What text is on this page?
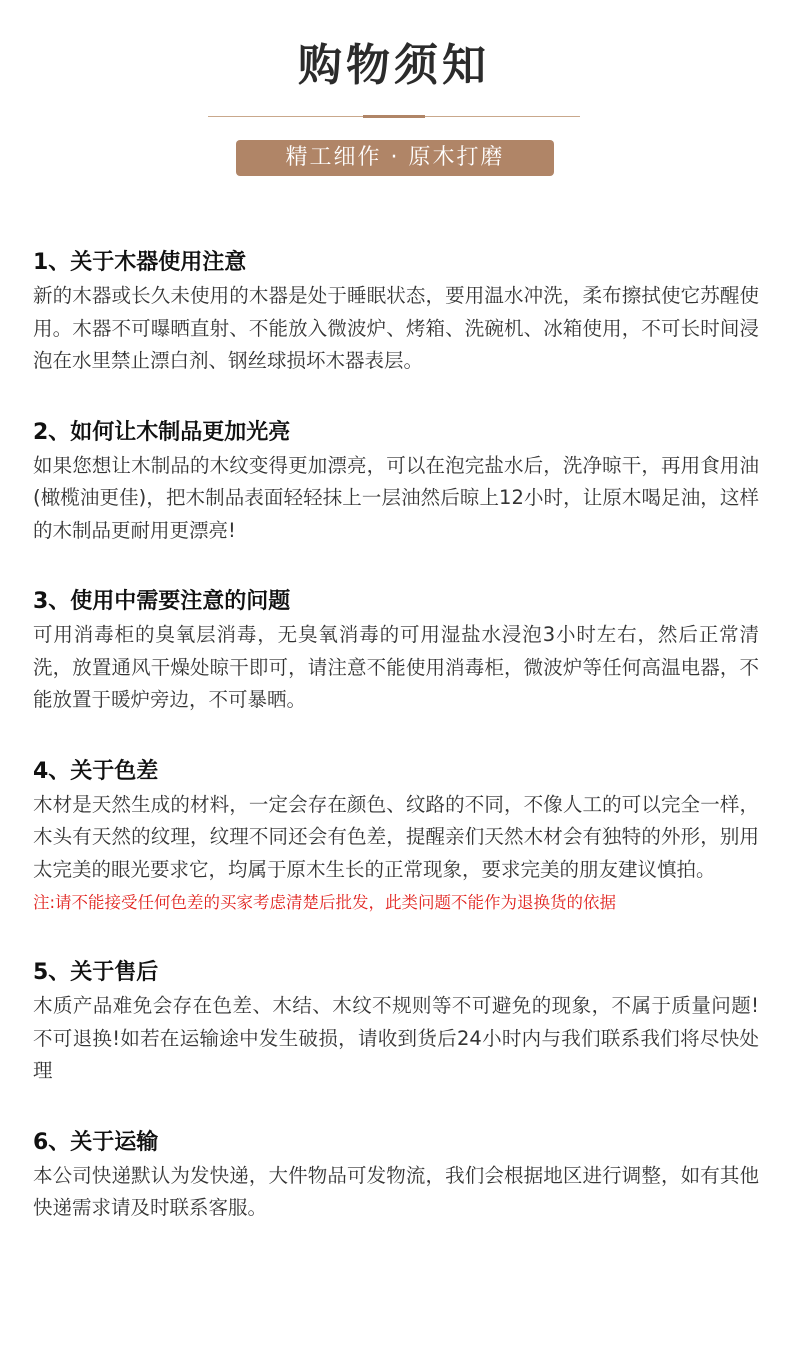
购物须知
精工细作 · 原木打磨
1、关于木器使用注意

新的木器或长久未使用的木器是处于睡眠状态，要用温水冲洗，柔布擦拭使它苏醒使用。木器不可曝晒直射、不能放入微波炉、烤箱、洗碗机、冰箱使用，不可长时间浸泡在水里禁止漂白剂、钢丝球损坏木器表层。

2、如何让木制品更加光亮

如果您想让木制品的木纹变得更加漂亮，可以在泡完盐水后，洗净晾干，再用食用油(橄榄油更佳)，把木制品表面轻轻抹上一层油然后晾上12小时，让原木喝足油，这样的木制品更耐用更漂亮!

3、使用中需要注意的问题

可用消毒柜的臭氧层消毒，无臭氧消毒的可用湿盐水浸泡3小时左右，然后正常清洗，放置通风干燥处晾干即可，请注意不能使用消毒柜，微波炉等任何高温电器，不能放置于暖炉旁边，不可暴晒。

4、关于色差

木材是天然生成的材料，一定会存在颜色、纹路的不同，不像人工的可以完全一样，木头有天然的纹理，纹理不同还会有色差，提醒亲们天然木材会有独特的外形，别用太完美的眼光要求它，均属于原木生长的正常现象，要求完美的朋友建议慎拍。

注:请不能接受任何色差的买家考虑清楚后批发，此类问题不能作为退换货的依据

5、关于售后

木质产品难免会存在色差、木结、木纹不规则等不可避免的现象，不属于质量问题!不可退换!如若在运输途中发生破损，请收到货后24小时内与我们联系我们将尽快处理

6、关于运输

本公司快递默认为发快递，大件物品可发物流，我们会根据地区进行调整，如有其他快递需求请及时联系客服。
